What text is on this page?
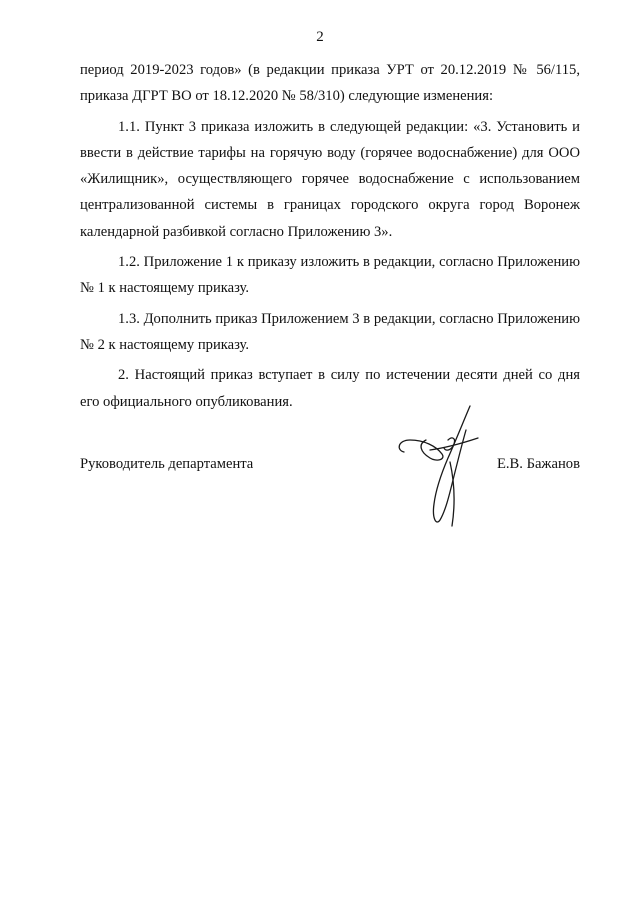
2

период 2019-2023 годов» (в редакции приказа УРТ от 20.12.2019 № 56/115, приказа ДГРТ ВО от 18.12.2020 № 58/310) следующие изменения:

1.1. Пункт 3 приказа изложить в следующей редакции: «3. Установить и ввести в действие тарифы на горячую воду (горячее водоснабжение) для ООО «Жилищник», осуществляющего горячее водоснабжение с использованием централизованной системы в границах городского округа город Воронеж календарной разбивкой согласно Приложению 3».

1.2. Приложение 1 к приказу изложить в редакции, согласно Приложению № 1 к настоящему приказу.

1.3. Дополнить приказ Приложением 3 в редакции, согласно Приложению № 2 к настоящему приказу.

2. Настоящий приказ вступает в силу по истечении десяти дней со дня его официального опубликования.

Руководитель департамента	Е.В. Бажанов
